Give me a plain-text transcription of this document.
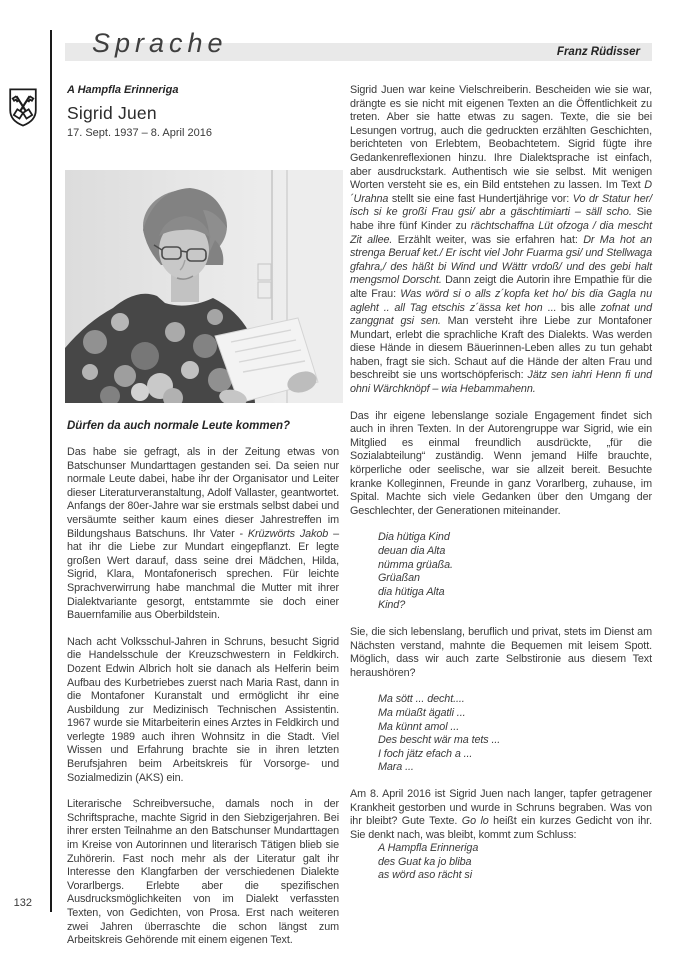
132
Sprache	Franz Rüdisser
A Hampfla Erinneriga
Sigrid Juen
17. Sept. 1937 – 8. April 2016
Dürfen da auch normale Leute kommen?
Das habe sie gefragt, als in der Zeitung etwas von Batschunser Mundarttagen gestanden sei. Da seien nur normale Leute dabei, habe ihr der Organisator und Leiter dieser Literaturveranstaltung, Adolf Vallaster, geantwortet. Anfangs der 80er-Jahre war sie erstmals selbst dabei und versäumte seither kaum eines dieser Jahrestreffen im Bildungshaus Batschuns. Ihr Vater - Krüzwörts Jakob – hat ihr die Liebe zur Mundart eingepflanzt. Er legte großen Wert darauf, dass seine drei Mädchen, Hilda, Sigrid, Klara, Montafonerisch sprechen. Für leichte Sprachverwirrung habe manchmal die Mutter mit ihrer Dialektvariante gesorgt, entstammte sie doch einer Bauernfamilie aus Oberbildstein.
Nach acht Volksschul-Jahren in Schruns, besucht Sigrid die Handelsschule der Kreuzschwestern in Feldkirch. Dozent Edwin Albrich holt sie danach als Helferin beim Aufbau des Kurbetriebes zuerst nach Maria Rast, dann in die Montafoner Kuranstalt und ermöglicht ihr eine Ausbildung zur Medizinisch Technischen Assistentin. 1967 wurde sie Mitarbeiterin eines Arztes in Feldkirch und verlegte 1989 auch ihren Wohnsitz in die Stadt. Viel Wissen und Erfahrung brachte sie in ihren letzten Berufsjahren beim Arbeitskreis für Vorsorge- und Sozialmedizin (AKS) ein.
Literarische Schreibversuche, damals noch in der Schriftsprache, machte Sigrid in den Siebzigerjahren. Bei ihrer ersten Teilnahme an den Batschunser Mundarttagen im Kreise von Autorinnen und literarisch Tätigen blieb sie Zuhörerin. Fast noch mehr als der Literatur galt ihr Interesse den Klangfarben der verschiedenen Dialekte Vorarlbergs. Erlebte aber die spezifischen Ausdrucksmöglichkeiten von im Dialekt verfassten Texten, von Gedichten, von Prosa. Erst nach weiteren zwei Jahren überraschte die schon längst zum Arbeitskreis Gehörende mit einem eigenen Text.
Sigrid Juen war keine Vielschreiberin. Bescheiden wie sie war, drängte es sie nicht mit eigenen Texten an die Öffentlichkeit zu treten. Aber sie hatte etwas zu sagen. Texte, die sie bei Lesungen vortrug, auch die gedruckten erzählten Geschichten, berichteten von Erlebtem, Beobachtetem. Sigrid fügte ihre Gedankenreflexionen hinzu. Ihre Dialektsprache ist einfach, aber ausdruckstark. Authentisch wie sie selbst. Mit wenigen Worten versteht sie es, ein Bild entstehen zu lassen. Im Text D´Urahna stellt sie eine fast Hundertjährige vor: Vo dr Statur her/ isch si ke großi Frau gsi/ abr a gäschtimiarti – säll scho. Sie habe ihre fünf Kinder zu rächtschaffna Lüt ofzoga / dia mescht Zit allee. Erzählt weiter, was sie erfahren hat: Dr Ma hot an strenga Beruaf ket./ Er ischt viel Johr Fuarma gsi/ und Stellwaga gfahra,/ des häßt bi Wind und Wättr vrdoß/ und des gebi halt mengsmol Dorscht. Dann zeigt die Autorin ihre Empathie für die alte Frau: Was wörd si o alls z´kopfa ket ho/ bis dia Gagla nu agleht .. all Tag etschis z´ässa ket hon ... bis alle zofnat und zanggnat gsi sen. Man versteht ihre Liebe zur Montafoner Mundart, erlebt die sprachliche Kraft des Dialekts. Was werden diese Hände in diesem Bäuerinnen-Leben alles zu tun gehabt haben, fragt sie sich. Schaut auf die Hände der alten Frau und beschreibt sie uns wortschöpferisch: Jätz sen iahri Henn fi und ohni Wärchknöpf – wia Hebammahenn.
Das ihr eigene lebenslange soziale Engagement findet sich auch in ihren Texten. In der Autorengruppe war Sigrid, wie ein Mitglied es einmal freundlich ausdrückte, „für die Sozialabteilung“ zuständig. Wenn jemand Hilfe brauchte, körperliche oder seelische, war sie allzeit bereit. Besuchte kranke Kolleginnen, Freunde in ganz Vorarlberg, zuhause, im Spital. Machte sich viele Gedanken über den Umgang der Geschlechter, der Generationen miteinander.
Dia hütiga Kind
deuan dia Alta
nümma grüaßa.
Grüaßan
dia hütiga Alta
Kind?
Sie, die sich lebenslang, beruflich und privat, stets im Dienst am Nächsten verstand, mahnte die Bequemen mit leisem Spott. Möglich, dass wir auch zarte Selbstironie aus diesem Text heraushören?
Ma sött ... decht....
Ma müaßt ägatli ...
Ma künnt amol ...
Des bescht wär ma tets ...
I foch jätz efach a ...
Mara ...
Am 8. April 2016 ist Sigrid Juen nach langer, tapfer getragener Krankheit gestorben und wurde in Schruns begraben. Was von ihr bleibt? Gute Texte. Go lo heißt ein kurzes Gedicht von ihr. Sie denkt nach, was bleibt, kommt zum Schluss:
A Hampfla Erinneriga
des Guat ka jo bliba
as wörd aso rächt si
